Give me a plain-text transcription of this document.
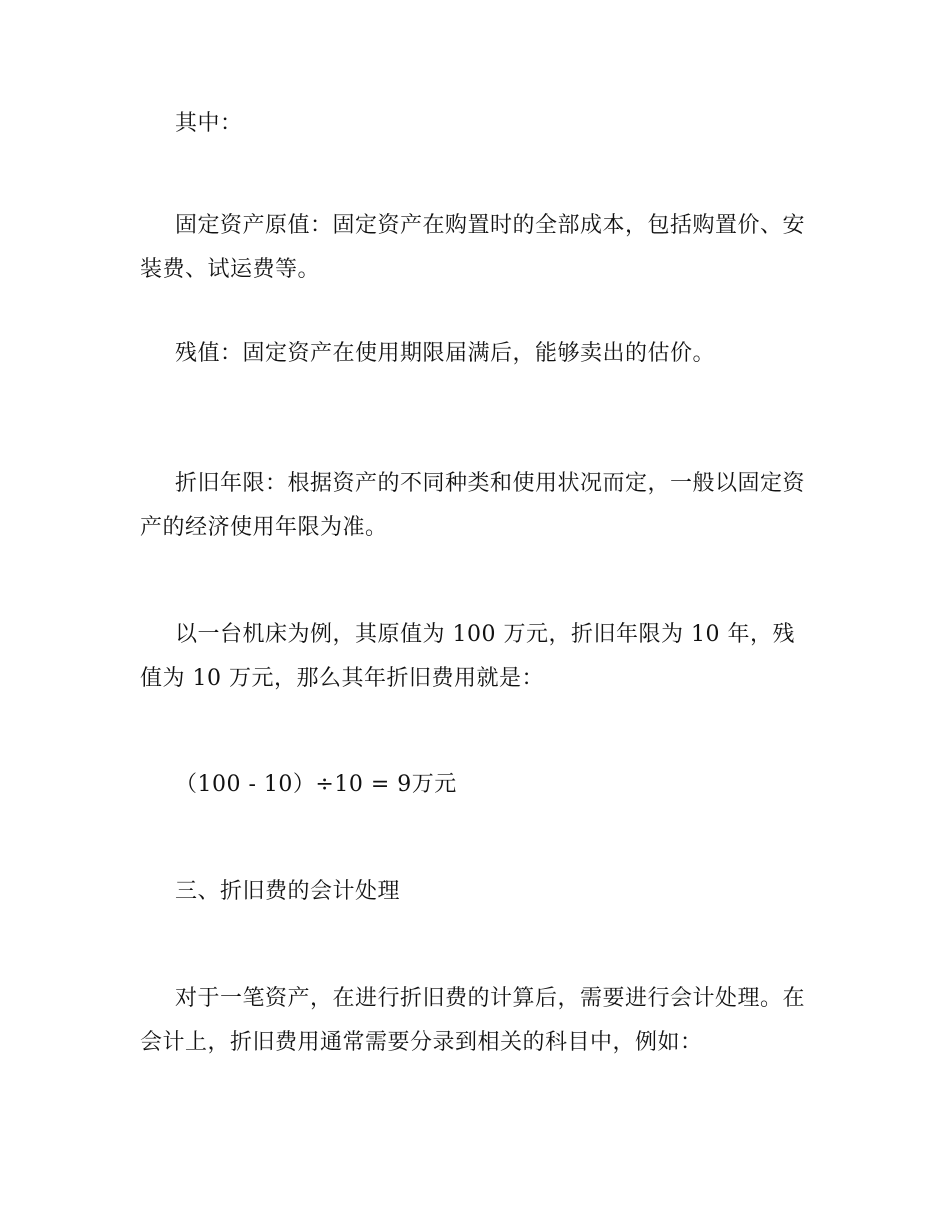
其中：

固定资产原值：固定资产在购置时的全部成本，包括购置价、安装费、试运费等。

残值：固定资产在使用期限届满后，能够卖出的估价。

折旧年限：根据资产的不同种类和使用状况而定，一般以固定资产的经济使用年限为准。

以一台机床为例，其原值为 100 万元，折旧年限为 10 年，残值为 10 万元，那么其年折旧费用就是：

（100 - 10）÷10 = 9万元

三、折旧费的会计处理

对于一笔资产，在进行折旧费的计算后，需要进行会计处理。在会计上，折旧费用通常需要分录到相关的科目中，例如：
